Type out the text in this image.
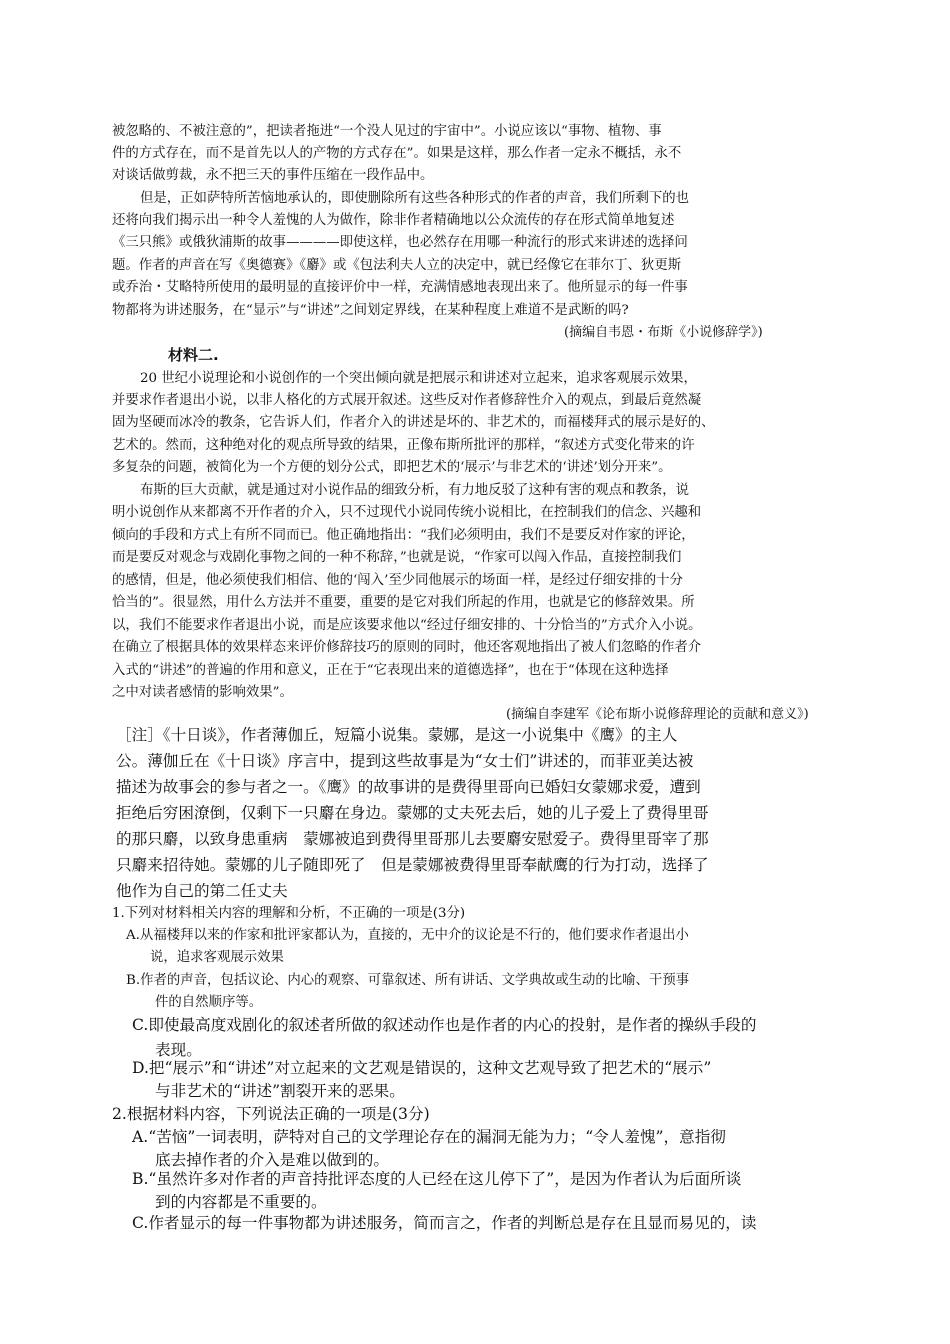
被忽略的、不被注意的”，把读者拖进“一个没人见过的宇宙中”。小说应该以“事物、植物、事
件的方式存在，而不是首先以人的产物的方式存在”。如果是这样，那么作者一定永不概括，永不
对谈话做剪裁，永不把三天的事件压缩在一段作品中。
但是，正如萨特所苦恼地承认的，即使删除所有这些各种形式的作者的声音，我们所剩下的也
还将向我们揭示出一种令人羞愧的人为做作，除非作者精确地以公众流传的存在形式简单地复述
《三只熊》或俄狄浦斯的故事————即使这样，也必然存在用哪一种流行的形式来讲述的选择问
题。作者的声音在写《奥德赛》《麝》或《包法利夫人立的决定中，就已经像它在菲尔丁、狄更斯
或乔治・艾略特所使用的最明显的直接评价中一样，充满情感地表现出来了。他所显示的每一件事
物都将为讲述服务，在“显示”与“讲述”之间划定界线，在某种程度上难道不是武断的吗?
(摘编自韦恩・布斯《小说修辞学》)
材料二.
20 世纪小说理论和小说创作的一个突出倾向就是把展示和讲述对立起来，追求客观展示效果，
并要求作者退出小说，以非人格化的方式展开叙述。这些反对作者修辞性介入的观点，到最后竟然凝
固为坚硬而冰冷的教条，它告诉人们，作者介入的讲述是坏的、非艺术的，而福楼拜式的展示是好的、
艺术的。然而，这种绝对化的观点所导致的结果，正像布斯所批评的那样，“叙述方式变化带来的许
多复杂的问题，被简化为一个方便的划分公式，即把艺术的‘展示’与非艺术的‘讲述’划分开来”。
布斯的巨大贡献，就是通过对小说作品的细致分析，有力地反驳了这种有害的观点和教条，说
明小说创作从来都离不开作者的介入，只不过现代小说同传统小说相比，在控制我们的信念、兴趣和
倾向的手段和方式上有所不同而已。他正确地指出：“我们必须明由，我们不是要反对作家的评论，
而是要反对观念与戏剧化事物之间的一种不称辞，”也就是说，“作家可以闯入作品，直接控制我们
的感情，但是，他必须使我们相信、他的‘闯入’至少同他展示的场面一样，是经过仔细安排的十分
恰当的”。很显然，用什么方法并不重要，重要的是它对我们所起的作用，也就是它的修辞效果。所
以，我们不能要求作者退出小说，而是应该要求他以“经过仔细安排的、十分恰当的”方式介入小说。
在确立了根据具体的效果样态来评价修辞技巧的原则的同时，他还客观地指出了被人们忽略的作者介
入式的“讲述”的普遍的作用和意义，正在于“它表现出来的道德选择”，也在于“体现在这种选择
之中对读者感情的影响效果”。
(摘编自李建军《论布斯小说修辞理论的贡献和意义》)
［注］《十日谈》，作者薄伽丘，短篇小说集。蒙娜，是这一小说集中《鹰》的主人
公。薄伽丘在《十日谈》序言中，提到这些故事是为“女士们”讲述的，而菲亚美达被
描述为故事会的参与者之一。《鹰》的故事讲的是费得里哥向已婚妇女蒙娜求爱，遭到
拒绝后穷困潦倒，仅剩下一只麝在身边。蒙娜的丈夫死去后，她的儿子爱上了费得里哥
的那只麝，以致身患重病　蒙娜被追到费得里哥那儿去要麝安慰爱子。费得里哥宰了那
只麝来招待她。蒙娜的儿子随即死了　但是蒙娜被费得里哥奉献鹰的行为打动，选择了
他作为自己的第二任丈夫
1.下列对材料相关内容的理解和分析，不正确的一项是(3分)
A.从福楼拜以来的作家和批评家都认为，直接的，无中介的议论是不行的，他们要求作者退出小
说，追求客观展示效果
B.作者的声音，包括议论、内心的观察、可靠叙述、所有讲话、文学典故或生动的比喻、干预事
件的自然顺序等。
C.即使最高度戏剧化的叙述者所做的叙述动作也是作者的内心的投射，是作者的操纵手段的
表现。
D.把“展示”和“讲述”对立起来的文艺观是错误的，这种文艺观导致了把艺术的“展示”
与非艺术的“讲述”割裂开来的恶果。
2.根据材料内容，下列说法正确的一项是(3分)
A.“苦恼”一词表明，萨特对自己的文学理论存在的漏洞无能为力；“令人羞愧”，意指彻
底去掉作者的介入是难以做到的。
B.“虽然许多对作者的声音持批评态度的人已经在这儿停下了”，是因为作者认为后面所谈
到的内容都是不重要的。
C.作者显示的每一件事物都为讲述服务，简而言之，作者的判断总是存在且显而易见的，读
